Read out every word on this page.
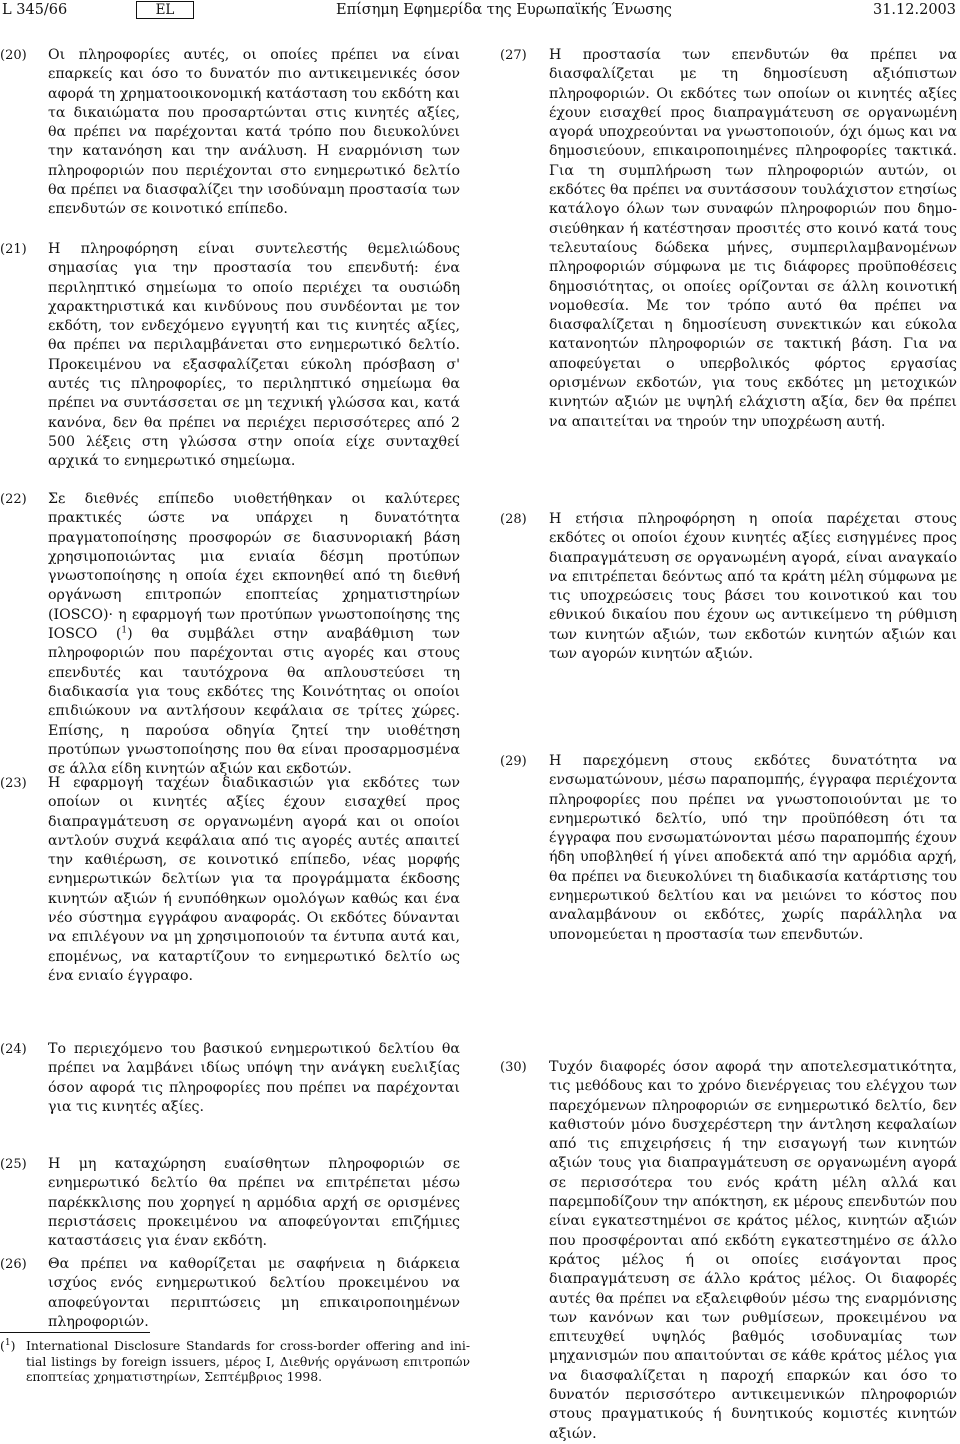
L 345/66	EL	Επίσημη Εφημερίδα της Ευρωπαϊκής Ένωσης	31.12.2003
(20) Οι πληροφορίες αυτές, οι οποίες πρέπει να είναι επαρκείς και όσο το δυνατόν πιο αντικειμενικές όσον αφορά τη χρηματοοικονομική κατάσταση του εκδότη και τα δικαιώματα που προσαρτώνται στις κινητές αξίες, θα πρέπει να παρέχονται κατά τρόπο που διευκολύνει την κατανόηση και την ανάλυση. Η εναρμόνιση των πληροφοριών που περιέχονται στο ενημερωτικό δελτίο θα πρέπει να διασφαλίζει την ισοδύναμη προστασία των επενδυτών σε κοινοτικό επίπεδο.
(21) Η πληροφόρηση είναι συντελεστής θεμελιώδους σημασίας για την προστασία του επενδυτή: ένα περιληπτικό σημείωμα το οποίο περιέχει τα ουσιώδη χαρακτηριστικά και κινδύνους που συνδέονται με τον εκδότη, τον ενδεχόμενο εγγυητή και τις κινητές αξίες, θα πρέπει να περιλαμβάνεται στο ενημερωτικό δελτίο. Προκειμένου να εξασφαλίζεται εύκολη πρόσβαση σ' αυτές τις πληροφορίες, το περιληπτικό σημείωμα θα πρέπει να συντάσσεται σε μη τεχνική γλώσσα και, κατά κανόνα, δεν θα πρέπει να περιέχει περισσότερες από 2 500 λέξεις στη γλώσσα στην οποία είχε συνταχθεί αρχικά το ενημερωτικό σημείωμα.
(22) Σε διεθνές επίπεδο υιοθετήθηκαν οι καλύτερες πρακτικές ώστε να υπάρχει η δυνατότητα πραγματοποίησης προσφορών σε διασυνοριακή βάση χρησιμοποιώντας μια ενιαία δέσμη προτύπων γνωστοποίησης η οποία έχει εκπονηθεί από τη διεθνή οργάνωση επιτροπών εποπτείας χρηματιστηρίων (IOSCO)· η εφαρμογή των προτύπων γνωστοποίησης της IOSCO ($^1$) θα συμβάλει στην αναβάθμιση των πληροφοριών που παρέχονται στις αγορές και στους επενδυτές και ταυτόχρονα θα απλουστεύσει τη διαδικασία για τους εκδότες της Κοινότητας οι οποίοι επιδιώκουν να αντλήσουν κεφάλαια σε τρίτες χώρες. Επίσης, η παρούσα οδηγία ζητεί την υιοθέτηση προτύπων γνωστοποίησης που θα είναι προσαρμοσμένα σε άλλα είδη κινητών αξιών και εκδοτών.
(23) Η εφαρμογή ταχέων διαδικασιών για εκδότες των οποίων οι κινητές αξίες έχουν εισαχθεί προς διαπραγμάτευση σε οργανωμένη αγορά και οι οποίοι αντλούν συχνά κεφάλαια από τις αγορές αυτές απαιτεί την καθιέρωση, σε κοινοτικό επίπεδο, νέας μορφής ενημερωτικών δελτίων για τα προγράμματα έκδοσης κινητών αξιών ή ενυπόθηκων ομολόγων καθώς και ένα νέο σύστημα εγγράφου αναφοράς. Οι εκδότες δύνανται να επιλέγουν να μη χρησιμοποιούν τα έντυπα αυτά και, επομένως, να καταρτίζουν το ενημερωτικό δελτίο ως ένα ενιαίο έγγραφο.
(24) Το περιεχόμενο του βασικού ενημερωτικού δελτίου θα πρέπει να λαμβάνει ιδίως υπόψη την ανάγκη ευελιξίας όσον αφορά τις πληροφορίες που πρέπει να παρέχονται για τις κινητές αξίες.
(25) Η μη καταχώρηση ευαίσθητων πληροφοριών σε ενημερωτικό δελτίο θα πρέπει να επιτρέπεται μέσω παρέκκλισης που χορηγεί η αρμόδια αρχή σε ορισμένες περιστάσεις προκειμένου να αποφεύγονται επιζήμιες καταστάσεις για έναν εκδότη.
(26) Θα πρέπει να καθορίζεται με σαφήνεια η διάρκεια ισχύος ενός ενημερωτικού δελτίου προκειμένου να αποφεύγονται περιπτώσεις μη επικαιροποιημένων πληροφοριών.
($^1$) International Disclosure Standards for cross-border offering and initial listings by foreign issuers, μέρος I, Διεθνής οργάνωση επιτροπών εποπτείας χρηματιστηρίων, Σεπτέμβριος 1998.
(27) Η προστασία των επενδυτών θα πρέπει να διασφαλίζεται με τη δημοσίευση αξιόπιστων πληροφοριών. Οι εκδότες των οποίων οι κινητές αξίες έχουν εισαχθεί προς διαπραγμάτευση σε οργανωμένη αγορά υποχρεούνται να γνωστοποιούν, όχι όμως και να δημοσιεύουν, επικαιροποιημένες πληροφορίες τακτικά. Για τη συμπλήρωση των πληροφοριών αυτών, οι εκδότες θα πρέπει να συντάσσουν τουλάχιστον ετησίως κατάλογο όλων των συναφών πληροφοριών που δημοσιεύθηκαν ή κατέστησαν προσιτές στο κοινό κατά τους τελευταίους δώδεκα μήνες, συμπεριλαμβανομένων πληροφοριών σύμφωνα με τις διάφορες προϋποθέσεις δημοσιότητας, οι οποίες ορίζονται σε άλλη κοινοτική νομοθεσία. Με τον τρόπο αυτό θα πρέπει να διασφαλίζεται η δημοσίευση συνεκτικών και εύκολα κατανοητών πληροφοριών σε τακτική βάση. Για να αποφεύγεται ο υπερβολικός φόρτος εργασίας ορισμένων εκδοτών, για τους εκδότες μη μετοχικών κινητών αξιών με υψηλή ελάχιστη αξία, δεν θα πρέπει να απαιτείται να τηρούν την υποχρέωση αυτή.
(28) Η ετήσια πληροφόρηση η οποία παρέχεται στους εκδότες οι οποίοι έχουν κινητές αξίες εισηγμένες προς διαπραγμάτευση σε οργανωμένη αγορά, είναι αναγκαίο να επιτρέπεται δεόντως από τα κράτη μέλη σύμφωνα με τις υποχρεώσεις τους βάσει του κοινοτικού και του εθνικού δικαίου που έχουν ως αντικείμενο τη ρύθμιση των κινητών αξιών, των εκδοτών κινητών αξιών και των αγορών κινητών αξιών.
(29) Η παρεχόμενη στους εκδότες δυνατότητα να ενσωματώνουν, μέσω παραπομπής, έγγραφα περιέχοντα πληροφορίες που πρέπει να γνωστοποιούνται με το ενημερωτικό δελτίο, υπό την προϋπόθεση ότι τα έγγραφα που ενσωματώνονται μέσω παραπομπής έχουν ήδη υποβληθεί ή γίνει αποδεκτά από την αρμόδια αρχή, θα πρέπει να διευκολύνει τη διαδικασία κατάρτισης του ενημερωτικού δελτίου και να μειώνει το κόστος που αναλαμβάνουν οι εκδότες, χωρίς παράλληλα να υπονομεύεται η προστασία των επενδυτών.
(30) Τυχόν διαφορές όσον αφορά την αποτελεσματικότητα, τις μεθόδους και το χρόνο διενέργειας του ελέγχου των παρεχόμενων πληροφοριών σε ενημερωτικό δελτίο, δεν καθιστούν μόνο δυσχερέστερη την άντληση κεφαλαίων από τις επιχειρήσεις ή την εισαγωγή των κινητών αξιών τους για διαπραγμάτευση σε οργανωμένη αγορά σε περισσότερα του ενός κράτη μέλη αλλά και παρεμποδίζουν την απόκτηση, εκ μέρους επενδυτών που είναι εγκατεστημένοι σε κράτος μέλος, κινητών αξιών που προσφέρονται από εκδότη εγκατεστημένο σε άλλο κράτος μέλος ή οι οποίες εισάγονται προς διαπραγμάτευση σε άλλο κράτος μέλος. Οι διαφορές αυτές θα πρέπει να εξαλειφθούν μέσω της εναρμόνισης των κανόνων και των ρυθμίσεων, προκειμένου να επιτευχθεί υψηλός βαθμός ισοδυναμίας των μηχανισμών που απαιτούνται σε κάθε κράτος μέλος για να διασφαλίζεται η παροχή επαρκών και όσο το δυνατόν περισσότερο αντικειμενικών πληροφοριών στους πραγματικούς ή δυνητικούς κομιστές κινητών αξιών.
